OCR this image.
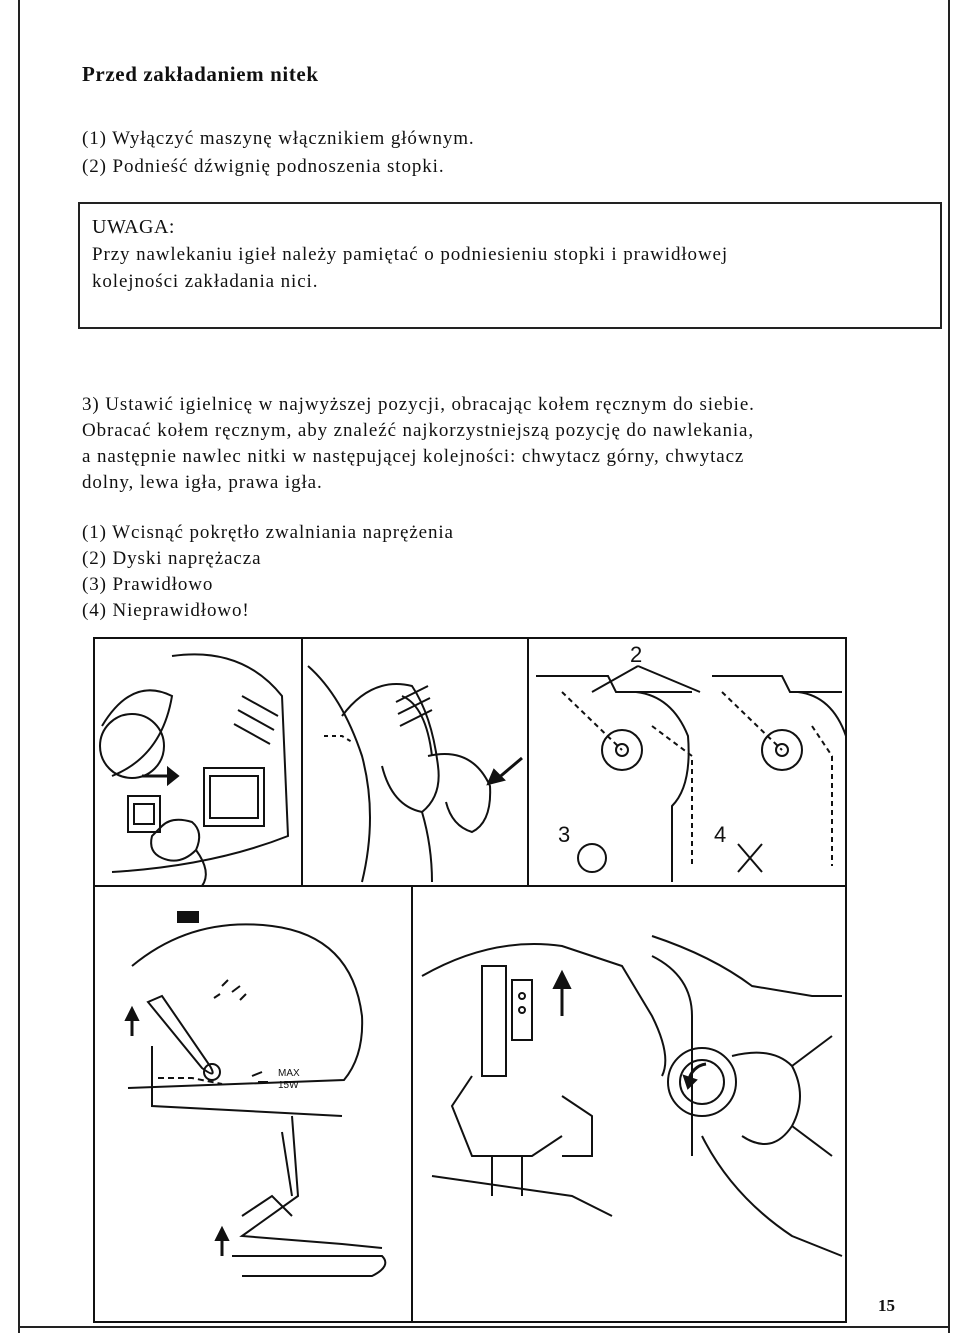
Przed zakładaniem nitek
(1) Wyłączyć maszynę włącznikiem głównym.
(2) Podnieść dźwignię podnoszenia stopki.
UWAGA:
Przy nawlekaniu igieł należy pamiętać o podniesieniu stopki i prawidłowej
kolejności zakładania nici.
3) Ustawić igielnicę w najwyższej pozycji, obracając kołem ręcznym do siebie.
Obracać kołem ręcznym, aby znaleźć najkorzystniejszą pozycję do nawlekania,
a następnie nawlec nitki w następującej kolejności: chwytacz górny, chwytacz
dolny, lewa igła, prawa igła.
(1) Wcisnąć pokrętło zwalniania naprężenia
(2) Dyski naprężacza
(3) Prawidłowo
(4) Nieprawidłowo!
2
3	4
MAX
15W
15
